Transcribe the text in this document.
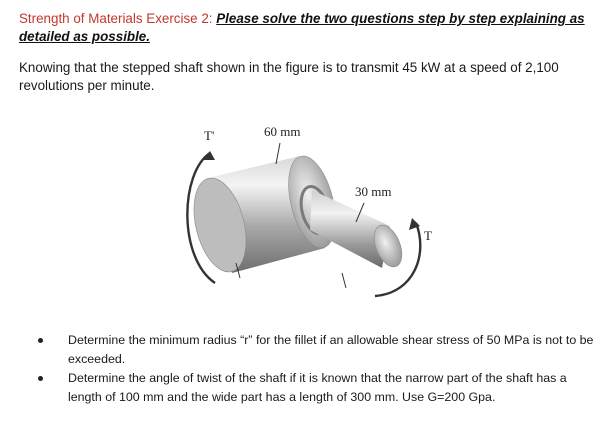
Strength of Materials Exercise 2: Please solve the two questions step by step explaining as detailed as possible.
Knowing that the stepped shaft shown in the figure is to transmit 45 kW at a speed of 2,100 revolutions per minute.
T'	60 mm
30 mm
T
Determine the minimum radius “r” for the fillet if an allowable shear stress of 50 MPa is not to be exceeded.
Determine the angle of twist of the shaft if it is known that the narrow part of the shaft has a length of 100 mm and the wide part has a length of 300 mm. Use G=200 Gpa.
